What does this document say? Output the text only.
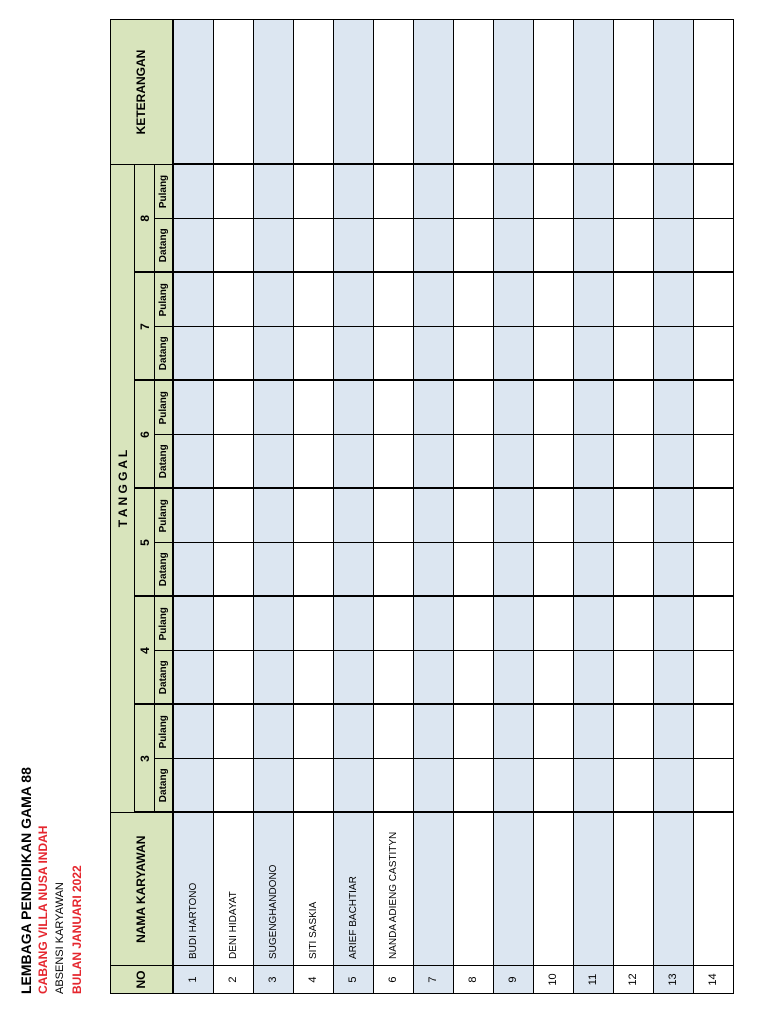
LEMBAGA PENDIDIKAN GAMA 88 CABANG VILLA NUSA INDAH ABSENSI KARYAWAN BULAN JANUARI 2022	NO	NAMA KARYAWAN	T A N G G A L												KETERANGAN
		3		4		5		6		7		8		
		Datang	Pulang	Datang	Pulang	Datang	Pulang	Datang	Pulang	Datang	Pulang	Datang	Pulang	
1	BUDI HARTONO													
2	DENI HIDAYAT													
3	SUGENGHANDONO													
4	SITI SASKIA													
5	ARIEF BACHTIAR													
6	NANDA ADIENG CASTITYN													
7														
8														
9														
10														
11														
12														
13														
14														
